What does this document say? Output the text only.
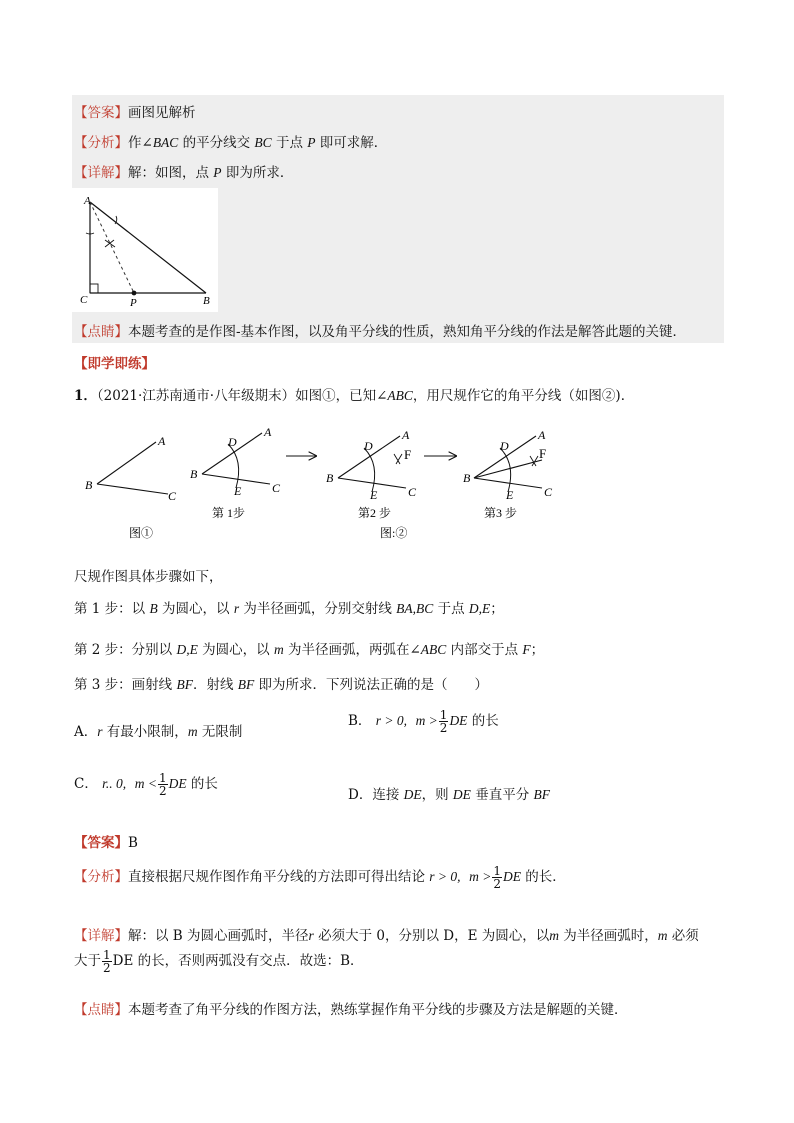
【答案】画图见解析
【分析】作∠BAC 的平分线交 BC 于点 P 即可求解．
【详解】解：如图，点 P 即为所求．
A
C	P	B
【点睛】本题考查的是作图-基本作图，以及角平分线的性质，熟知角平分线的作法是解答此题的关键．
【即学即练】
1．（2021·江苏南通市·八年级期末）如图①，已知∠ABC，用尺规作它的角平分线（如图②)．
A
B
C
图①
A
D
B
E	C
第 1步
A
D
F
B
E	C
第2 步
图:②
A
D F
B
E	C
第3 步
尺规作图具体步骤如下，
第 1 步：以 B 为圆心，以 r 为半径画弧，分别交射线 BA,BC 于点 D,E；
第 2 步：分别以 D,E 为圆心，以 m 为半径画弧，两弧在∠ABC 内部交于点 F；
第 3 步：画射线 BF．射线 BF 即为所求．下列说法正确的是（　　）
A．r 有最小限制，m 无限制
B． r > 0, $m > \frac{1}{2}$ DE 的长
C． r.. 0, $m < \frac{1}{2}$ DE 的长
D．连接 DE，则 DE 垂直平分 BF
【答案】B
【分析】直接根据尺规作图作角平分线的方法即可得出结论 r > 0, $m > \frac{1}{2}$ DE 的长．
【详解】解：以 B 为圆心画弧时，半径r 必须大于 0，分别以 D，E 为圆心，以m 为半径画弧时，m 必须
大于 $\frac{1}{2}$ DE 的长，否则两弧没有交点．故选：B．
【点睛】本题考查了角平分线的作图方法，熟练掌握作角平分线的步骤及方法是解题的关键．
